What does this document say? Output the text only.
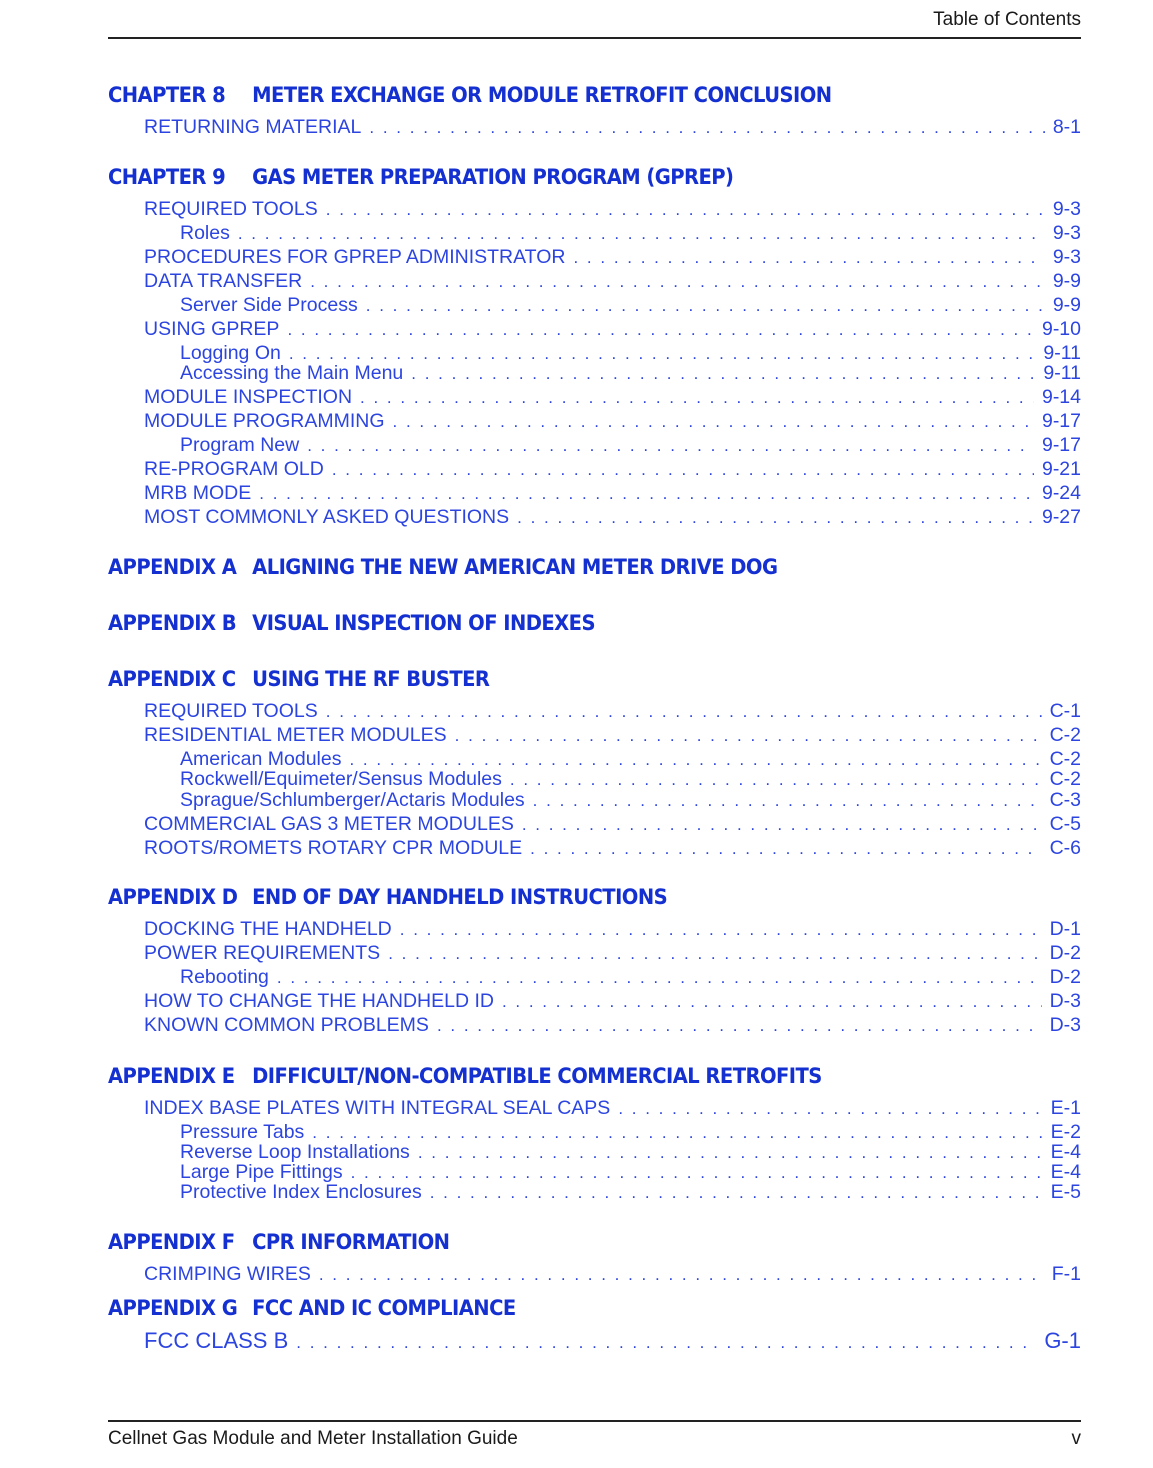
Table of Contents
CHAPTER 8 METER EXCHANGE OR MODULE RETROFIT CONCLUSION
RETURNING MATERIAL . . .	8-1
CHAPTER 9 GAS METER PREPARATION PROGRAM (GPREP)
REQUIRED TOOLS . . .	9-3
Roles . . .	9-3
PROCEDURES FOR GPREP ADMINISTRATOR . . .	9-3
DATA TRANSFER . . .	9-9
Server Side Process . . .	9-9
USING GPREP . . .	9-10
Logging On . . .	9-11
Accessing the Main Menu . . .	9-11
MODULE INSPECTION . . .	9-14
MODULE PROGRAMMING . . .	9-17
Program New . . .	9-17
RE-PROGRAM OLD . . .	9-21
MRB MODE . . .	9-24
MOST COMMONLY ASKED QUESTIONS . . .	9-27
APPENDIX A ALIGNING THE NEW AMERICAN METER DRIVE DOG
APPENDIX B VISUAL INSPECTION OF INDEXES
APPENDIX C USING THE RF BUSTER
REQUIRED TOOLS . . .	C-1
RESIDENTIAL METER MODULES . . .	C-2
American Modules . . .	C-2
Rockwell/Equimeter/Sensus Modules . . .	C-2
Sprague/Schlumberger/Actaris Modules . . .	C-3
COMMERCIAL GAS 3 METER MODULES . . .	C-5
ROOTS/ROMETS ROTARY CPR MODULE . . .	C-6
APPENDIX D END OF DAY HANDHELD INSTRUCTIONS
DOCKING THE HANDHELD . . .	D-1
POWER REQUIREMENTS . . .	D-2
Rebooting . . .	D-2
HOW TO CHANGE THE HANDHELD ID . . .	D-3
KNOWN COMMON PROBLEMS . . .	D-3
APPENDIX E DIFFICULT/NON-COMPATIBLE COMMERCIAL RETROFITS
INDEX BASE PLATES WITH INTEGRAL SEAL CAPS . . .	E-1
Pressure Tabs . . .	E-2
Reverse Loop Installations . . .	E-4
Large Pipe Fittings . . .	E-4
Protective Index Enclosures . . .	E-5
APPENDIX F CPR INFORMATION
CRIMPING WIRES . . .	F-1
APPENDIX G FCC AND IC COMPLIANCE
FCC CLASS B . . .	G-1
Cellnet Gas Module and Meter Installation Guide	v
